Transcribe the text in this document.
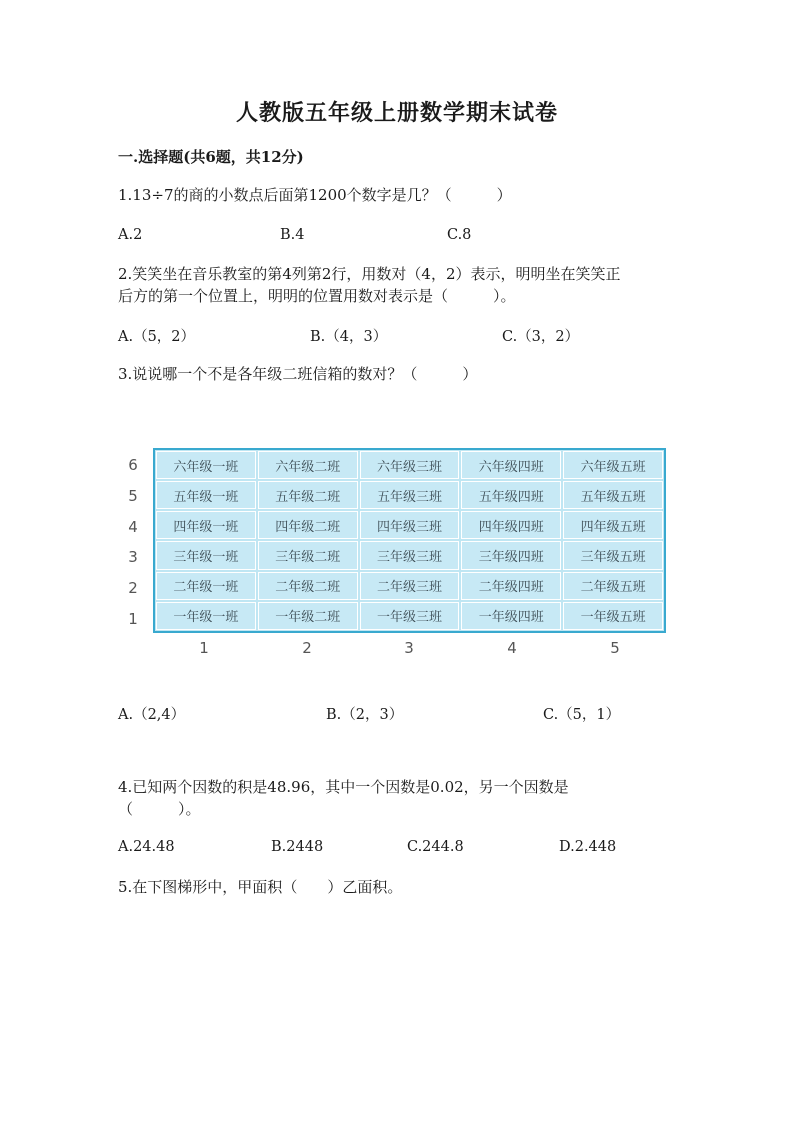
人教版五年级上册数学期末试卷
一.选择题(共6题，共12分)
1.13÷7的商的小数点后面第1200个数字是几？（　　　）
A.2	B.4	C.8
2.笑笑坐在音乐教室的第4列第2行，用数对（4，2）表示，明明坐在笑笑正
后方的第一个位置上，明明的位置用数对表示是（　　　）。
A.（5，2）	B.（4，3）	C.（3，2）
3.说说哪一个不是各年级二班信箱的数对？（　　　）
6
5
4
3
2
1
六年级一班	六年级二班	六年级三班	六年级四班	六年级五班
五年级一班	五年级二班	五年级三班	五年级四班	五年级五班
四年级一班	四年级二班	四年级三班	四年级四班	四年级五班
三年级一班	三年级二班	三年级三班	三年级四班	三年级五班
二年级一班	二年级二班	二年级三班	二年级四班	二年级五班
一年级一班	一年级二班	一年级三班	一年级四班	一年级五班
1	2	3	4	5
A.（2,4）	B.（2，3）	C.（5，1）
4.已知两个因数的积是48.96，其中一个因数是0.02，另一个因数是
（　　　）。
A.24.48	B.2448	C.244.8	D.2.448
5.在下图梯形中，甲面积（　　）乙面积。
